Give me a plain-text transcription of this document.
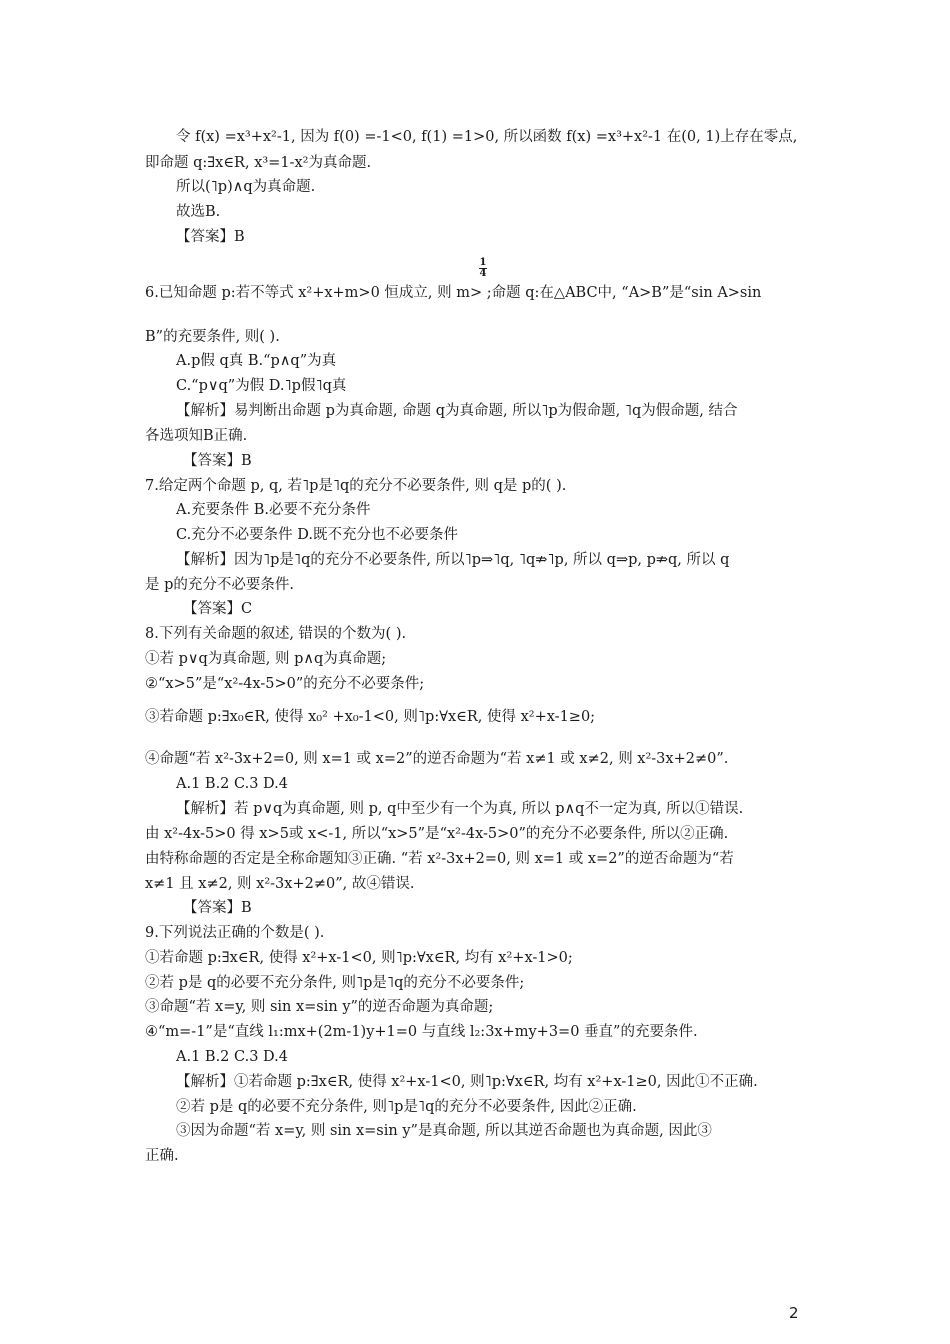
令 f(x) =x³+x²-1, 因为 f(0) =-1<0, f(1) =1>0, 所以函数 f(x) =x³+x²-1 在(0, 1)上存在零点,
即命题 q:∃x∈R, x³=1-x²为真命题.
所以(˥p)∧q为真命题.
故选B.
【答案】B
1
4
6.已知命题 p:若不等式 x²+x+m>0 恒成立, 则 m> ;命题 q:在△ABC中, “A>B”是“sin A>sin
B”的充要条件, 则( ).
A.p假 q真 B.“p∧q”为真
C.“p∨q”为假 D.˥p假˥q真
【解析】易判断出命题 p为真命题, 命题 q为真命题, 所以˥p为假命题, ˥q为假命题, 结合
各选项知B正确.
【答案】B
7.给定两个命题 p, q, 若˥p是˥q的充分不必要条件, 则 q是 p的( ).
A.充要条件 B.必要不充分条件
C.充分不必要条件 D.既不充分也不必要条件
【解析】因为˥p是˥q的充分不必要条件, 所以˥p⇒˥q, ˥q⇏˥p, 所以 q⇒p, p⇏q, 所以 q
是 p的充分不必要条件.
【答案】C
8.下列有关命题的叙述, 错误的个数为( ).
①若 p∨q为真命题, 则 p∧q为真命题;
②“x>5”是“x²-4x-5>0”的充分不必要条件;
③若命题 p:∃x₀∈R, 使得 x₀² +x₀-1<0, 则˥p:∀x∈R, 使得 x²+x-1≥0;
④命题“若 x²-3x+2=0, 则 x=1 或 x=2”的逆否命题为“若 x≠1 或 x≠2, 则 x²-3x+2≠0”.
A.1 B.2 C.3 D.4
【解析】若 p∨q为真命题, 则 p, q中至少有一个为真, 所以 p∧q不一定为真, 所以①错误.
由 x²-4x-5>0 得 x>5或 x<-1, 所以“x>5”是“x²-4x-5>0”的充分不必要条件, 所以②正确.
由特称命题的否定是全称命题知③正确. “若 x²-3x+2=0, 则 x=1 或 x=2”的逆否命题为“若
x≠1 且 x≠2, 则 x²-3x+2≠0”, 故④错误.
【答案】B
9.下列说法正确的个数是( ).
①若命题 p:∃x∈R, 使得 x²+x-1<0, 则˥p:∀x∈R, 均有 x²+x-1>0;
②若 p是 q的必要不充分条件, 则˥p是˥q的充分不必要条件;
③命题“若 x=y, 则 sin x=sin y”的逆否命题为真命题;
④“m=-1”是“直线 l₁:mx+(2m-1)y+1=0 与直线 l₂:3x+my+3=0 垂直”的充要条件.
A.1 B.2 C.3 D.4
【解析】①若命题 p:∃x∈R, 使得 x²+x-1<0, 则˥p:∀x∈R, 均有 x²+x-1≥0, 因此①不正确.
②若 p是 q的必要不充分条件, 则˥p是˥q的充分不必要条件, 因此②正确.
③因为命题“若 x=y, 则 sin x=sin y”是真命题, 所以其逆否命题也为真命题, 因此③
正确.
2
